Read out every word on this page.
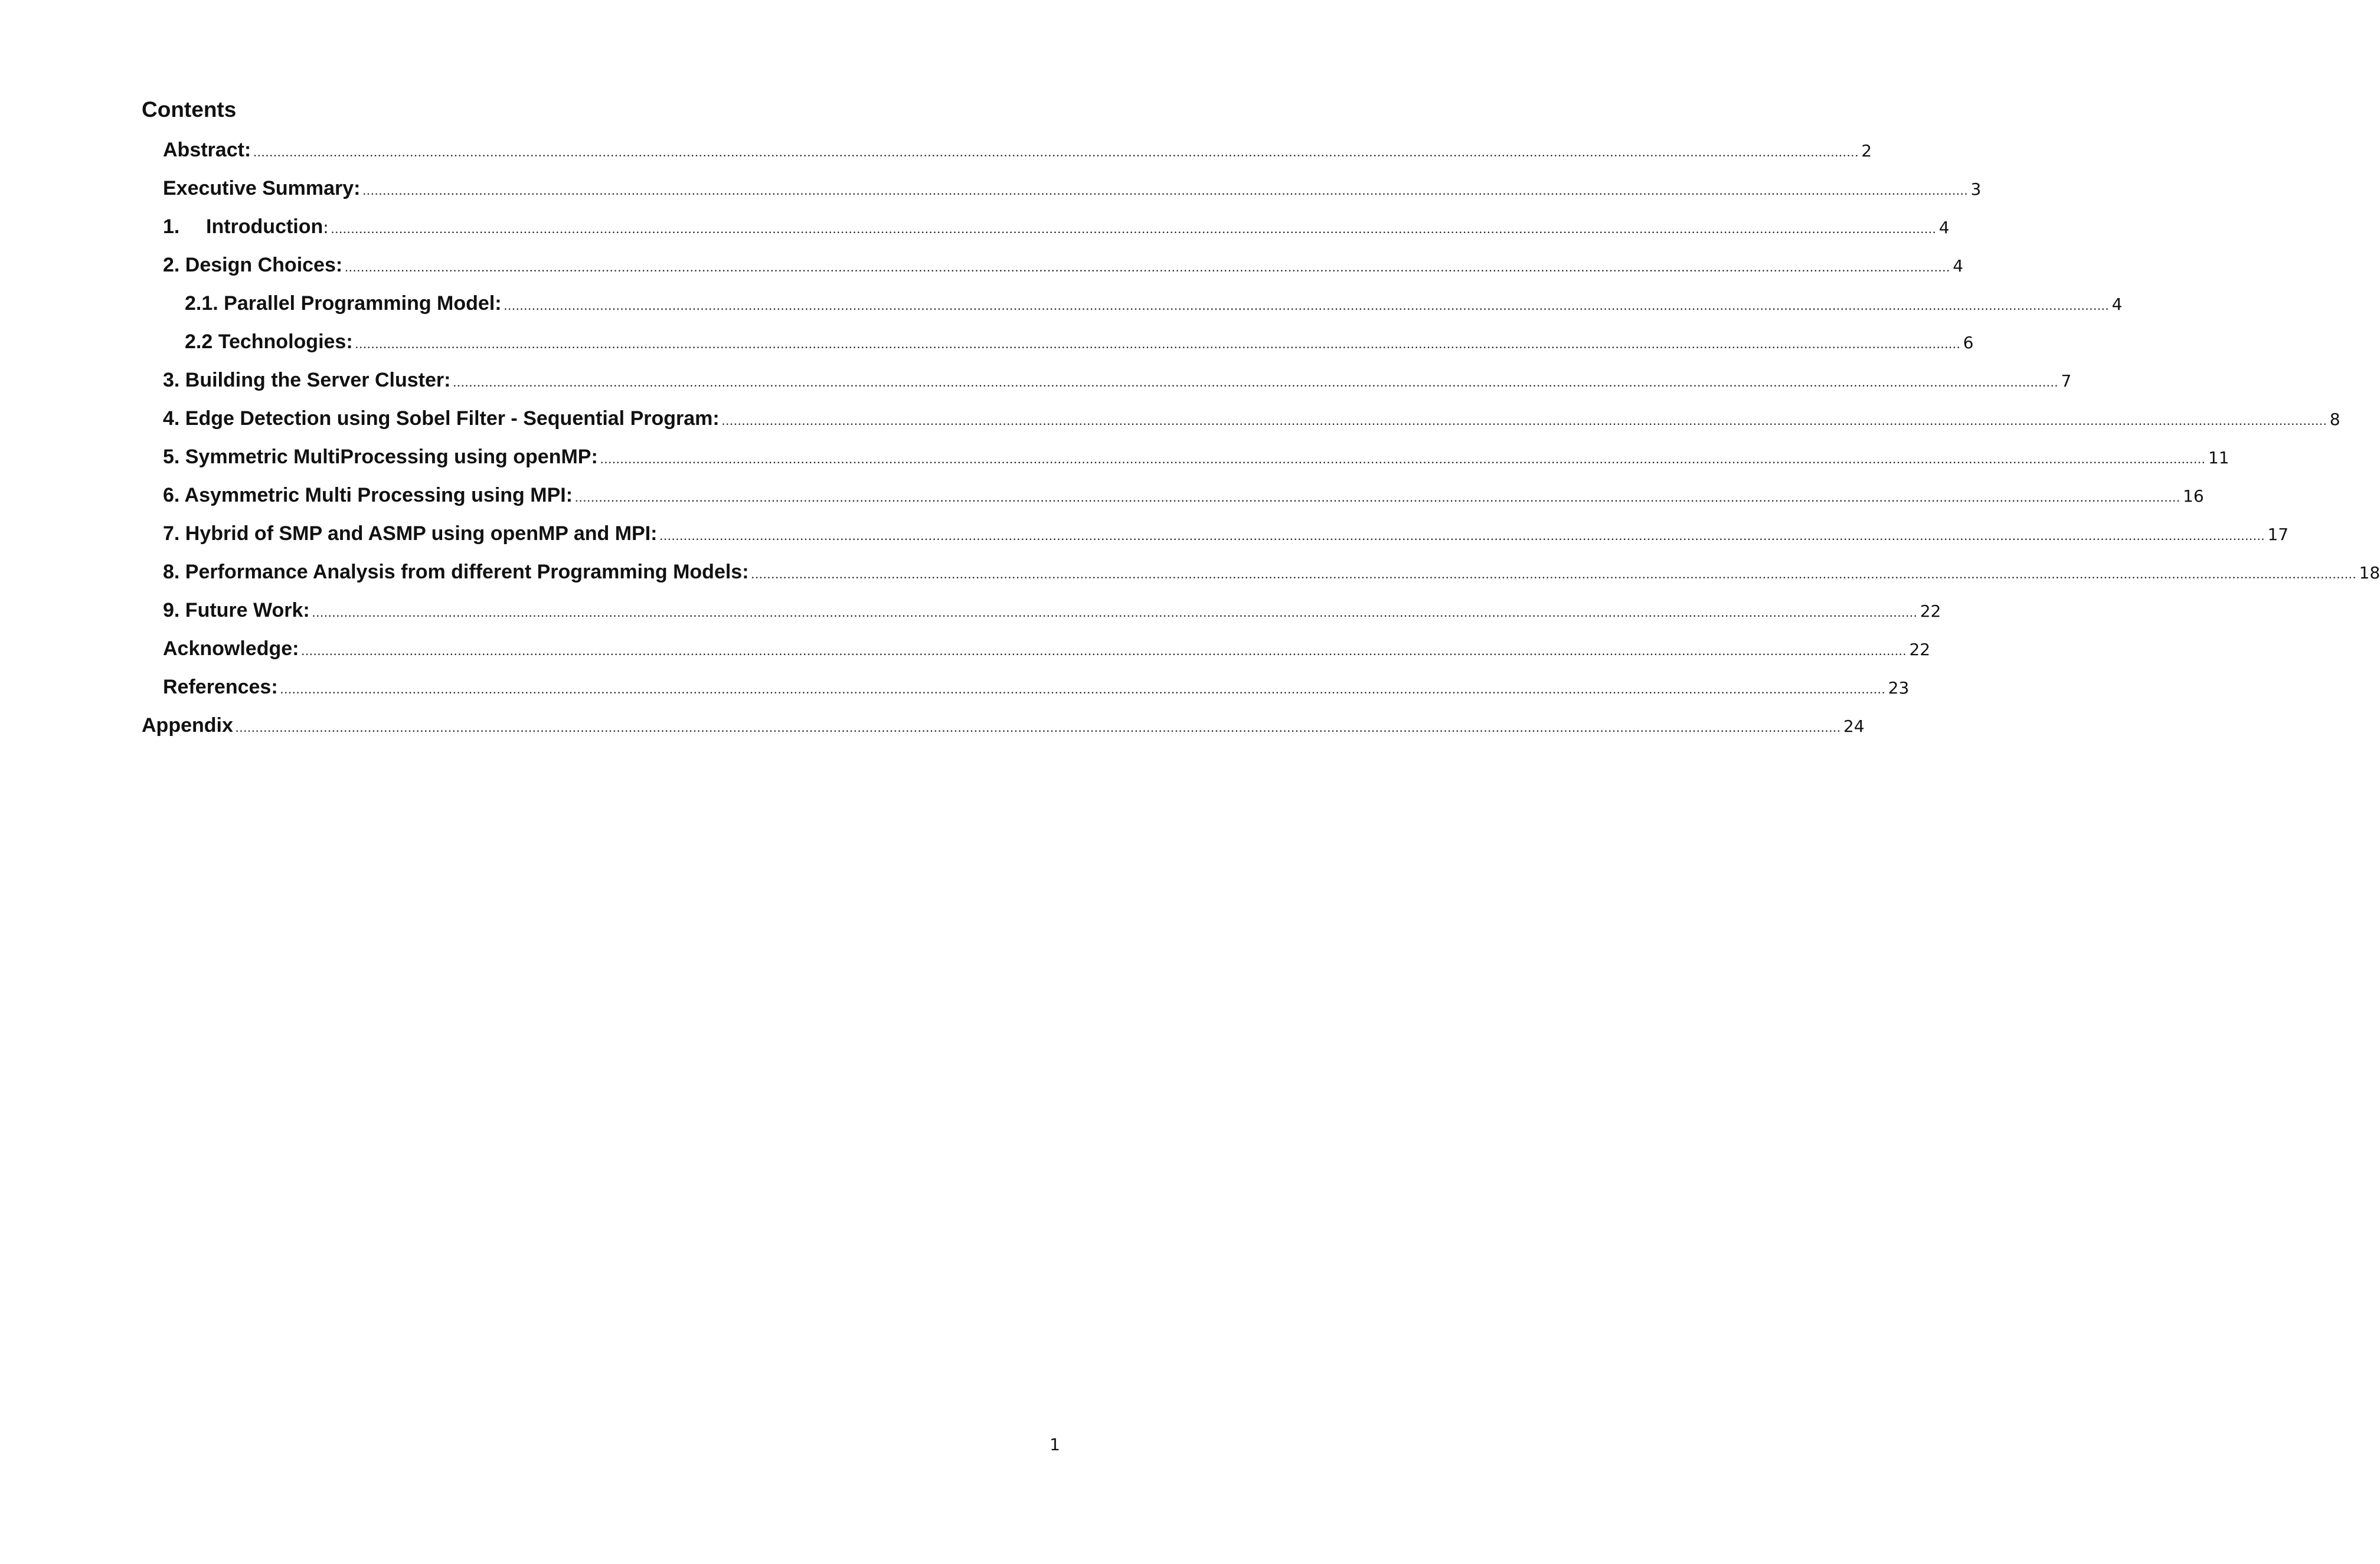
Contents
Abstract: ................................................................................................................................................................................................................................................................................................................................................................................................................ 2
Executive Summary: ................................................................................................................................................................................................................................................................................................................................................................................................................ 3
1. Introduction: ................................................................................................................................................................................................................................................................................................................................................................................................................ 4
2. Design Choices: ................................................................................................................................................................................................................................................................................................................................................................................................................ 4
2.1. Parallel Programming Model: ................................................................................................................................................................................................................................................................................................................................................................................................................ 4
2.2 Technologies: ................................................................................................................................................................................................................................................................................................................................................................................................................ 6
3. Building the Server Cluster: ................................................................................................................................................................................................................................................................................................................................................................................................................ 7
4. Edge Detection using Sobel Filter - Sequential Program: ................................................................................................................................................................................................................................................................................................................................................................................................................ 8
5. Symmetric MultiProcessing using openMP: ................................................................................................................................................................................................................................................................................................................................................................................................................ 11
6. Asymmetric Multi Processing using MPI: ................................................................................................................................................................................................................................................................................................................................................................................................................ 16
7. Hybrid of SMP and ASMP using openMP and MPI: ................................................................................................................................................................................................................................................................................................................................................................................................................ 17
8. Performance Analysis from different Programming Models: ................................................................................................................................................................................................................................................................................................................................................................................................................ 18
9. Future Work: ................................................................................................................................................................................................................................................................................................................................................................................................................ 22
Acknowledge: ................................................................................................................................................................................................................................................................................................................................................................................................................ 22
References: ................................................................................................................................................................................................................................................................................................................................................................................................................ 23
Appendix ................................................................................................................................................................................................................................................................................................................................................................................................................ 24
1
